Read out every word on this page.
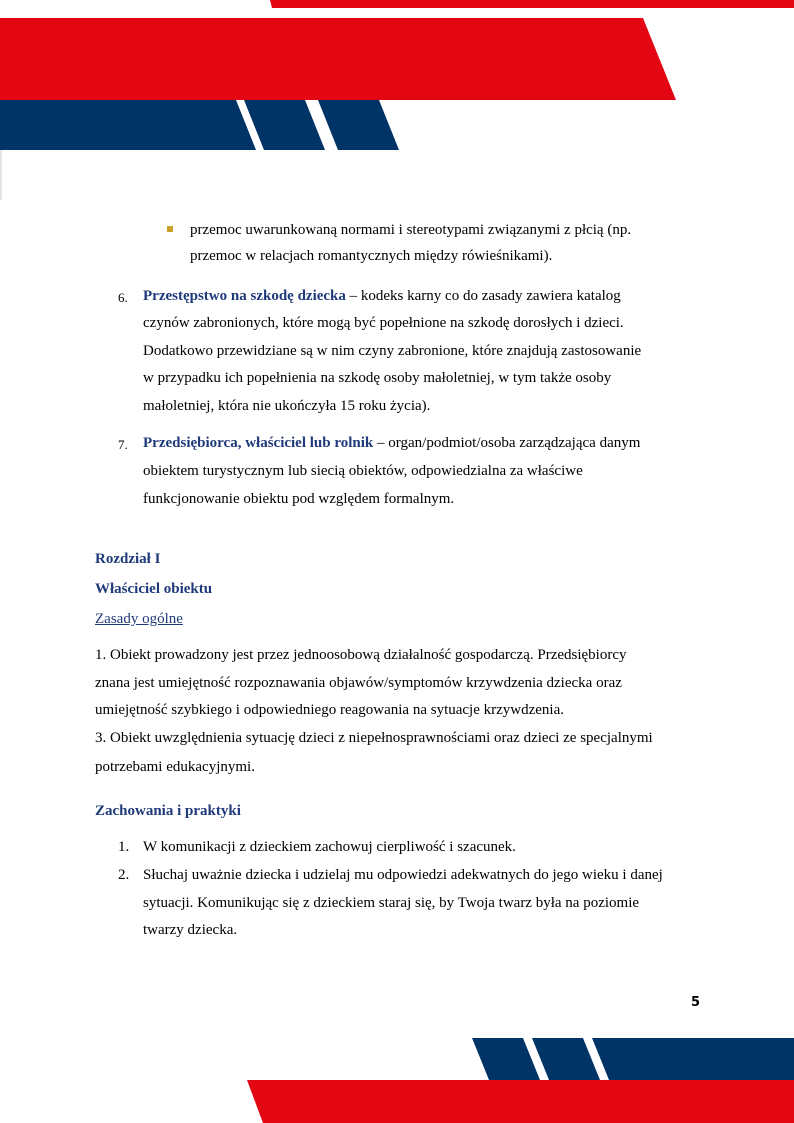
przemoc uwarunkowaną normami i stereotypami związanymi z płcią (np.
przemoc w relacjach romantycznych między rówieśnikami).
6. Przestępstwo na szkodę dziecka – kodeks karny co do zasady zawiera katalog
czynów zabronionych, które mogą być popełnione na szkodę dorosłych i dzieci.
Dodatkowo przewidziane są w nim czyny zabronione, które znajdują zastosowanie
w przypadku ich popełnienia na szkodę osoby małoletniej, w tym także osoby
małoletniej, która nie ukończyła 15 roku życia).
7. Przedsiębiorca, właściciel lub rolnik – organ/podmiot/osoba zarządzająca danym
obiektem turystycznym lub siecią obiektów, odpowiedzialna za właściwe
funkcjonowanie obiektu pod względem formalnym.
Rozdział I
Właściciel obiektu
Zasady ogólne
1. Obiekt prowadzony jest przez jednoosobową działalność gospodarczą. Przedsiębiorcy
znana jest umiejętność rozpoznawania objawów/symptomów krzywdzenia dziecka oraz
umiejętność szybkiego i odpowiedniego reagowania na sytuacje krzywdzenia.
3. Obiekt uwzględnienia sytuację dzieci z niepełnosprawnościami oraz dzieci ze specjalnymi
potrzebami edukacyjnymi.
Zachowania i praktyki
1. W komunikacji z dzieckiem zachowuj cierpliwość i szacunek.
2. Słuchaj uważnie dziecka i udzielaj mu odpowiedzi adekwatnych do jego wieku i danej
sytuacji. Komunikując się z dzieckiem staraj się, by Twoja twarz była na poziomie
twarzy dziecka.
5
